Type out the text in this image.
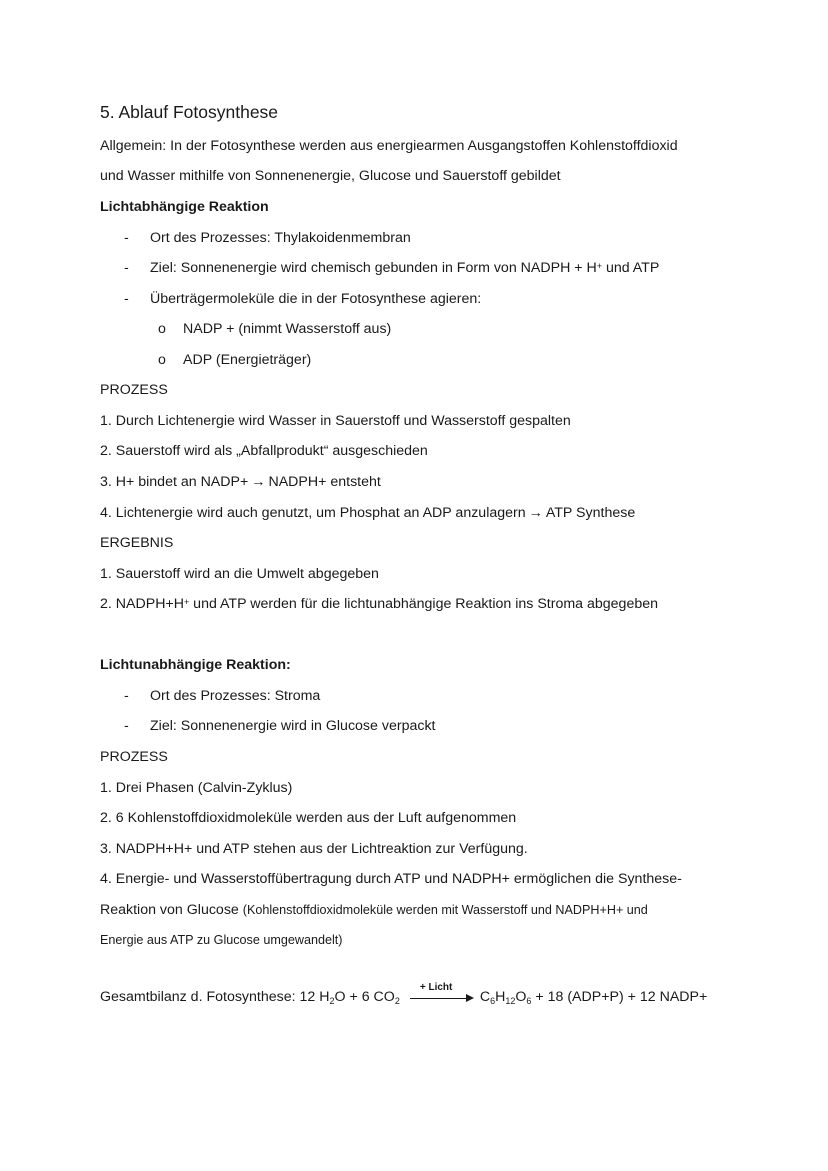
5. Ablauf Fotosynthese

Allgemein: In der Fotosynthese werden aus energiearmen Ausgangstoffen Kohlenstoffdioxid

und Wasser mithilfe von Sonnenenergie, Glucose und Sauerstoff gebildet

Lichtabhängige Reaktion

- Ort des Prozesses: Thylakoidenmembran

- Ziel: Sonnenenergie wird chemisch gebunden in Form von NADPH + H+ und ATP

- Überträgermoleküle die in der Fotosynthese agieren:

o NADP + (nimmt Wasserstoff aus)

o ADP (Energieträger)

PROZESS

1. Durch Lichtenergie wird Wasser in Sauerstoff und Wasserstoff gespalten

2. Sauerstoff wird als „Abfallprodukt“ ausgeschieden

3. H+ bindet an NADP+ → NADPH+ entsteht

4. Lichtenergie wird auch genutzt, um Phosphat an ADP anzulagern → ATP Synthese

ERGEBNIS

1. Sauerstoff wird an die Umwelt abgegeben

2. NADPH+H+ und ATP werden für die lichtunabhängige Reaktion ins Stroma abgegeben

Lichtunabhängige Reaktion:

- Ort des Prozesses: Stroma

- Ziel: Sonnenenergie wird in Glucose verpackt

PROZESS

1. Drei Phasen (Calvin-Zyklus)

2. 6 Kohlenstoffdioxidmoleküle werden aus der Luft aufgenommen

3. NADPH+H+ und ATP stehen aus der Lichtreaktion zur Verfügung.

4. Energie- und Wasserstoffübertragung durch ATP und NADPH+ ermöglichen die Synthese-

Reaktion von Glucose (Kohlenstoffdioxidmoleküle werden mit Wasserstoff und NADPH+H+ und

Energie aus ATP zu Glucose umgewandelt)

Gesamtbilanz d. Fotosynthese: 12 $H_2O + 6$ $CO_2$
+ Licht
$C_6H_{12}O_6 + 18$ (ADP+P) + 12 NADP+
